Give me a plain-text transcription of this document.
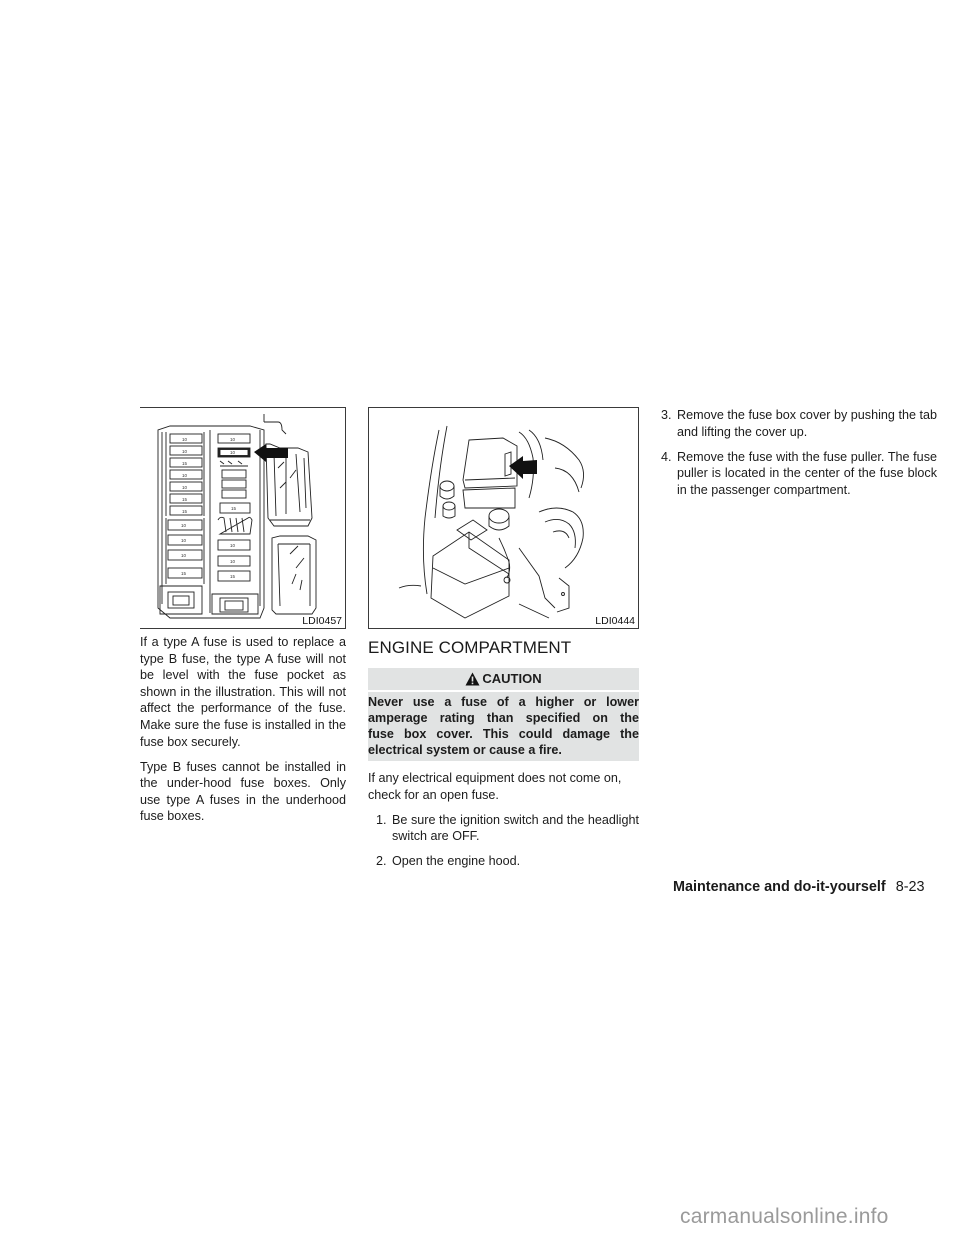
10
10
15
10
10
15
15
10
10
10
15
10
10
15
10
10
15
LDI0457	LDI0444

If a type A fuse is used to replace a type B fuse, the type A fuse will not be level with the fuse pocket as shown in the illustration. This will not affect the performance of the fuse. Make sure the fuse is installed in the fuse box securely.

Type B fuses cannot be installed in the under-hood fuse boxes. Only use type A fuses in the underhood fuse boxes.

ENGINE COMPARTMENT
CAUTION
Never use a fuse of a higher or lower
amperage rating than specified on the
fuse box cover. This could damage the
electrical system or cause a fire.

If any electrical equipment does not come on, check for an open fuse.

1. Be sure the ignition switch and the headlight switch are OFF.
2. Open the engine hood.
3. Remove the fuse box cover by pushing the tab and lifting the cover up.
4. Remove the fuse with the fuse puller. The fuse puller is located in the center of the fuse block in the passenger compartment.
Maintenance and do-it-yourself 8-23
carmanualsonline.info
